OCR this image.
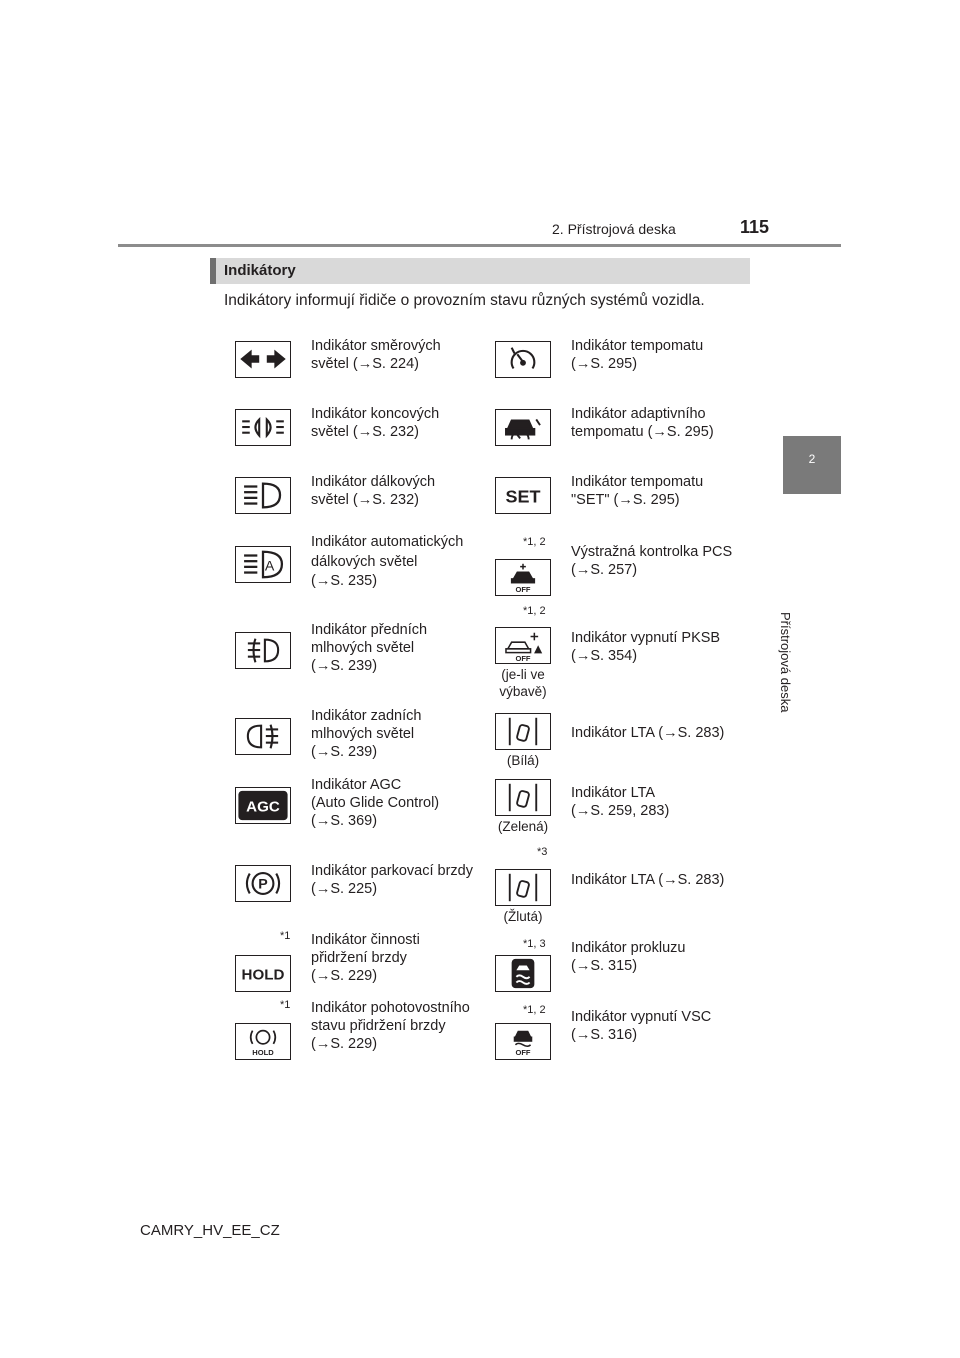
2. Přístrojová deska	115
2
Přístrojová deska
Indikátory
Indikátory informují řidiče o provozním stavu různých systémů vozidla.
Indikátor směrových
světel (→S. 224)
Indikátor koncových
světel (→S. 232)
Indikátor dálkových
světel (→S. 232)
A
Indikátor automatických
dálkových světel
(→S. 235)
Indikátor předních
mlhových světel
(→S. 239)
Indikátor zadních
mlhových světel
(→S. 239)
AGC
Indikátor AGC
(Auto Glide Control)
(→S. 369)
P
Indikátor parkovací brzdy
(→S. 225)
*1
HOLD
Indikátor činnosti
přidržení brzdy
(→S. 229)
*1
HOLD
Indikátor pohotovostního
stavu přidržení brzdy
(→S. 229)
Indikátor tempomatu
(→S. 295)
Indikátor adaptivního
tempomatu (→S. 295)
SET
Indikátor tempomatu
"SET" (→S. 295)
*1, 2
OFF
Výstražná kontrolka PCS
(→S. 257)
*1, 2
OFF
(je-li ve
výbavě)
Indikátor vypnutí PKSB
(→S. 354)
(Bílá)
Indikátor LTA (→S. 283)
(Zelená)
Indikátor LTA
(→S. 259, 283)
*3
(Žlutá)
Indikátor LTA (→S. 283)
*1, 3 Indikátor prokluzu
(→S. 315)
*1, 2
OFF
Indikátor vypnutí VSC
(→S. 316)
CAMRY_HV_EE_CZ
